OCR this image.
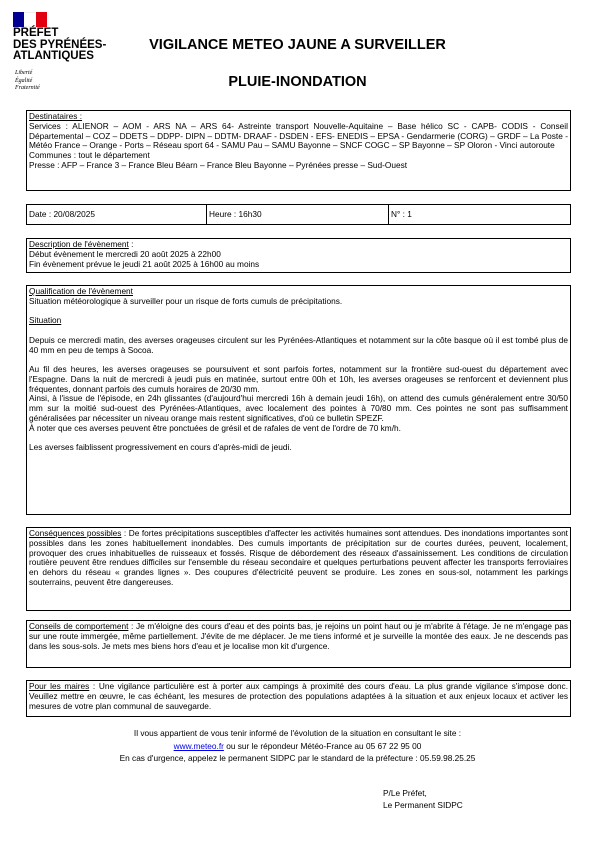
PRÉFET
DES PYRÉNÉES-
ATLANTIQUES
Liberté
Égalité
Fraternité
VIGILANCE METEO JAUNE A SURVEILLER
PLUIE-INONDATION

Destinataires :

Services : ALIENOR – AOM - ARS NA – ARS 64- Astreinte transport Nouvelle-Aquitaine – Base hélico SC - CAPB- CODIS - Conseil Départemental – COZ – DDETS – DDPP- DIPN – DDTM- DRAAF - DSDEN - EFS- ENEDIS – EPSA - Gendarmerie (CORG) – GRDF – La Poste - Météo France – Orange - Ports – Réseau sport 64 - SAMU Pau – SAMU Bayonne – SNCF COGC – SP Bayonne – SP Oloron - Vinci autoroute

Communes : tout le département

Presse : AFP – France 3 – France Bleu Béarn – France Bleu Bayonne – Pyrénées presse – Sud-Ouest

Date : 20/08/2025	Heure : 16h30	N° : 1

Description de l'évènement :

Début évènement le mercredi 20 août 2025 à 22h00

Fin évènement prévue le jeudi 21 août 2025 à 16h00 au moins

Qualification de l'évènement

Situation météorologique à surveiller pour un risque de forts cumuls de précipitations.

Situation

Depuis ce mercredi matin, des averses orageuses circulent sur les Pyrénées-Atlantiques et notamment sur la côte basque où il est tombé plus de 40 mm en peu de temps à Socoa.

Au fil des heures, les averses orageuses se poursuivent et sont parfois fortes, notamment sur la frontière sud-ouest du département avec l'Espagne. Dans la nuit de mercredi à jeudi puis en matinée, surtout entre 00h et 10h, les averses orageuses se renforcent et deviennent plus fréquentes, donnant parfois des cumuls horaires de 20/30 mm.

Ainsi, à l'issue de l'épisode, en 24h glissantes (d'aujourd'hui mercredi 16h à demain jeudi 16h), on attend des cumuls généralement entre 30/50 mm sur la moitié sud-ouest des Pyrénées-Atlantiques, avec localement des pointes à 70/80 mm. Ces pointes ne sont pas suffisamment généralisées par nécessiter un niveau orange mais restent significatives, d'où ce bulletin SPEZF.

À noter que ces averses peuvent être ponctuées de grésil et de rafales de vent de l'ordre de 70 km/h.

Les averses faiblissent progressivement en cours d'après-midi de jeudi.

Conséquences possibles : De fortes précipitations susceptibles d'affecter les activités humaines sont attendues. Des inondations importantes sont possibles dans les zones habituellement inondables. Des cumuls importants de précipitation sur de courtes durées, peuvent, localement, provoquer des crues inhabituelles de ruisseaux et fossés. Risque de débordement des réseaux d'assainissement. Les conditions de circulation routière peuvent être rendues difficiles sur l'ensemble du réseau secondaire et quelques perturbations peuvent affecter les transports ferroviaires en dehors du réseau « grandes lignes ». Des coupures d'électricité peuvent se produire. Les zones en sous-sol, notamment les parkings souterrains, peuvent être dangereuses.
Conseils de comportement : Je m'éloigne des cours d'eau et des points bas, je rejoins un point haut ou je m'abrite à l'étage. Je ne m'engage pas sur une route immergée, même partiellement. J'évite de me déplacer. Je me tiens informé et je surveille la montée des eaux. Je ne descends pas dans les sous-sols. Je mets mes biens hors d'eau et je localise mon kit d'urgence.
Pour les maires : Une vigilance particulière est à porter aux campings à proximité des cours d'eau. La plus grande vigilance s'impose donc. Veuillez mettre en œuvre, le cas échéant, les mesures de protection des populations adaptées à la situation et aux enjeux locaux et activer les mesures de votre plan communal de sauvegarde.
Il vous appartient de vous tenir informé de l'évolution de la situation en consultant le site :
www.meteo.fr ou sur le répondeur Météo-France au 05 67 22 95 00
En cas d'urgence, appelez le permanent SIDPC par le standard de la préfecture : 05.59.98.25.25
P/Le Préfet,
Le Permanent SIDPC
